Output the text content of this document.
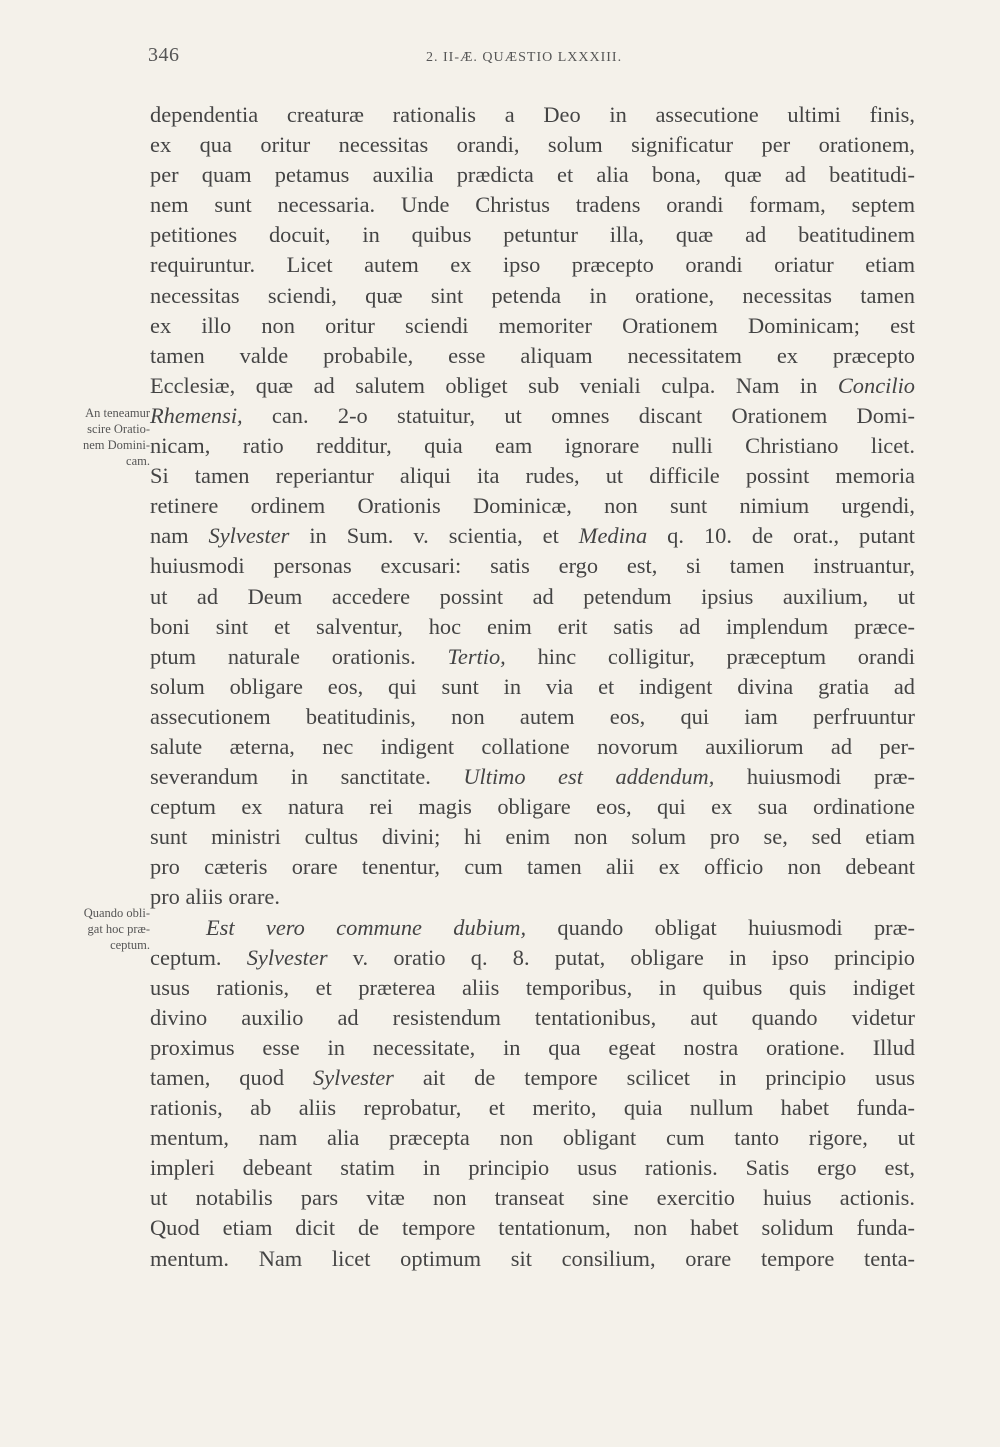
346	2. II-Æ. QUÆSTIO LXXXIII.
An teneamur
scire Oratio-
nem Domini-
cam.
Quando obli-
gat hoc præ-
ceptum.
dependentia creaturæ rationalis a Deo in assecutione ultimi finis,
ex qua oritur necessitas orandi, solum significatur per orationem,
per quam petamus auxilia prædicta et alia bona, quæ ad beatitudi-
nem sunt necessaria. Unde Christus tradens orandi formam, septem
petitiones docuit, in quibus petuntur illa, quæ ad beatitudinem
requiruntur. Licet autem ex ipso præcepto orandi oriatur etiam
necessitas sciendi, quæ sint petenda in oratione, necessitas tamen
ex illo non oritur sciendi memoriter Orationem Dominicam; est
tamen valde probabile, esse aliquam necessitatem ex præcepto
Ecclesiæ, quæ ad salutem obliget sub veniali culpa. Nam in Concilio
Rhemensi, can. 2-o statuitur, ut omnes discant Orationem Domi-
nicam, ratio redditur, quia eam ignorare nulli Christiano licet.
Si tamen reperiantur aliqui ita rudes, ut difficile possint memoria
retinere ordinem Orationis Dominicæ, non sunt nimium urgendi,
nam Sylvester in Sum. v. scientia, et Medina q. 10. de orat., putant
huiusmodi personas excusari: satis ergo est, si tamen instruantur,
ut ad Deum accedere possint ad petendum ipsius auxilium, ut
boni sint et salventur, hoc enim erit satis ad implendum præce-
ptum naturale orationis. Tertio, hinc colligitur, præceptum orandi
solum obligare eos, qui sunt in via et indigent divina gratia ad
assecutionem beatitudinis, non autem eos, qui iam perfruuntur
salute æterna, nec indigent collatione novorum auxiliorum ad per-
severandum in sanctitate. Ultimo est addendum, huiusmodi præ-
ceptum ex natura rei magis obligare eos, qui ex sua ordinatione
sunt ministri cultus divini; hi enim non solum pro se, sed etiam
pro cæteris orare tenentur, cum tamen alii ex officio non debeant
pro aliis orare.
Est vero commune dubium, quando obligat huiusmodi præ-
ceptum. Sylvester v. oratio q. 8. putat, obligare in ipso principio
usus rationis, et præterea aliis temporibus, in quibus quis indiget
divino auxilio ad resistendum tentationibus, aut quando videtur
proximus esse in necessitate, in qua egeat nostra oratione. Illud
tamen, quod Sylvester ait de tempore scilicet in principio usus
rationis, ab aliis reprobatur, et merito, quia nullum habet funda-
mentum, nam alia præcepta non obligant cum tanto rigore, ut
impleri debeant statim in principio usus rationis. Satis ergo est,
ut notabilis pars vitæ non transeat sine exercitio huius actionis.
Quod etiam dicit de tempore tentationum, non habet solidum funda-
mentum. Nam licet optimum sit consilium, orare tempore tenta-
